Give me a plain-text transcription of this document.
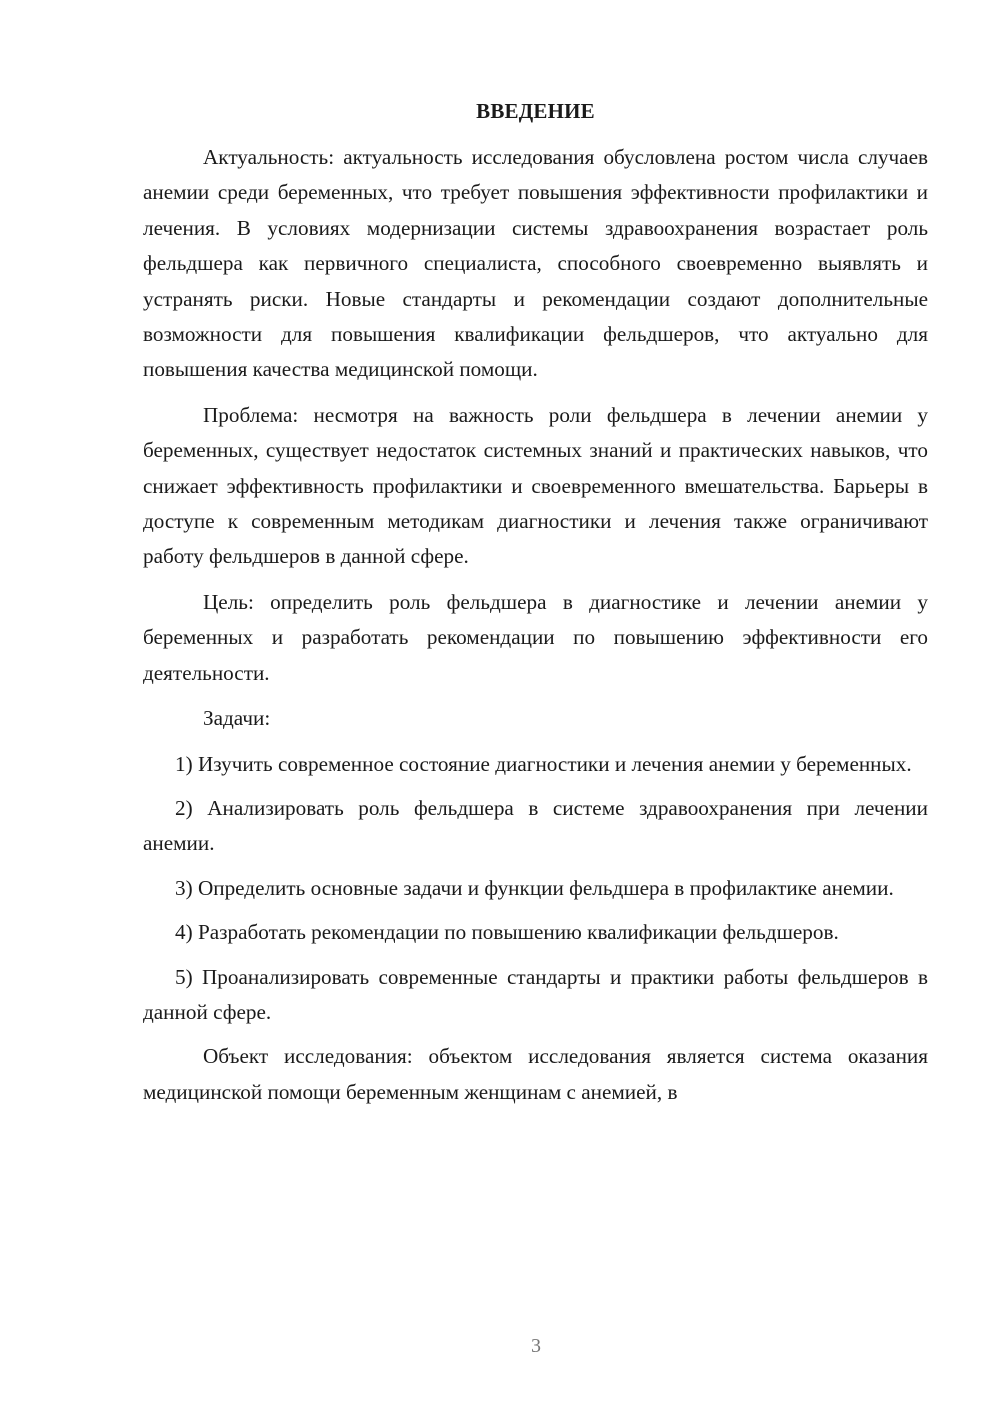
ВВЕДЕНИЕ

Актуальность: актуальность исследования обусловлена ростом числа случаев анемии среди беременных, что требует повышения эффективности профилактики и лечения. В условиях модернизации системы здравоохранения возрастает роль фельдшера как первичного специалиста, способного своевременно выявлять и устранять риски. Новые стандарты и рекомендации создают дополнительные возможности для повышения квалификации фельдшеров, что актуально для повышения качества медицинской помощи.

Проблема: несмотря на важность роли фельдшера в лечении анемии у беременных, существует недостаток системных знаний и практических навыков, что снижает эффективность профилактики и своевременного вмешательства. Барьеры в доступе к современным методикам диагностики и лечения также ограничивают работу фельдшеров в данной сфере.

Цель: определить роль фельдшера в диагностике и лечении анемии у беременных и разработать рекомендации по повышению эффективности его деятельности.

Задачи:

1) Изучить современное состояние диагностики и лечения анемии у беременных.

2) Анализировать роль фельдшера в системе здравоохранения при лечении анемии.

3) Определить основные задачи и функции фельдшера в профилактике анемии.

4) Разработать рекомендации по повышению квалификации фельдшеров.

5) Проанализировать современные стандарты и практики работы фельдшеров в данной сфере.

Объект исследования: объектом исследования является система оказания медицинской помощи беременным женщинам с анемией, в

3
